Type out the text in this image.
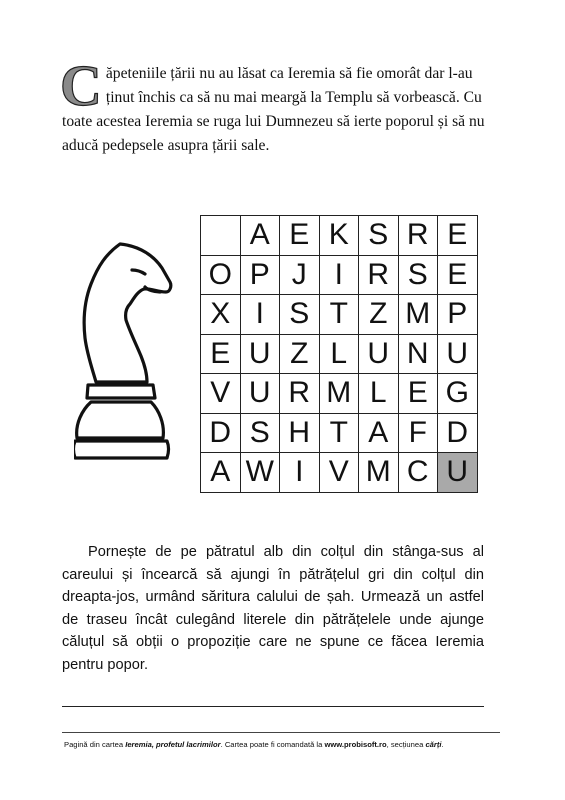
Căpeteniile țării nu au lăsat ca Ieremia să fie omorât dar l-au ținut închis ca să nu mai meargă la Templu să vorbească. Cu toate acestea Ieremia se ruga lui Dumnezeu să ierte poporul și să nu aducă pedepsele asupra țării sale.
	A	E	K	S	R	E
O	P	J	I	R	S	E
X	I	S	T	Z	M	P
E	U	Z	L	U	N	U
V	U	R	M	L	E	G
D	S	H	T	A	F	D
A	W	I	V	M	C	U

Pornește de pe pătratul alb din colțul din stânga-sus al careului și încearcă să ajungi în pătrățelul gri din colțul din dreapta-jos, urmând săritura calului de șah. Urmează un astfel de traseu încât culegând literele din pătrățelele unde ajunge căluțul să obții o propoziție care ne spune ce făcea Ieremia pentru popor.

Pagină din cartea Ieremia, profetul lacrimilor. Cartea poate fi comandată la www.probisoft.ro, secțiunea cărți.
